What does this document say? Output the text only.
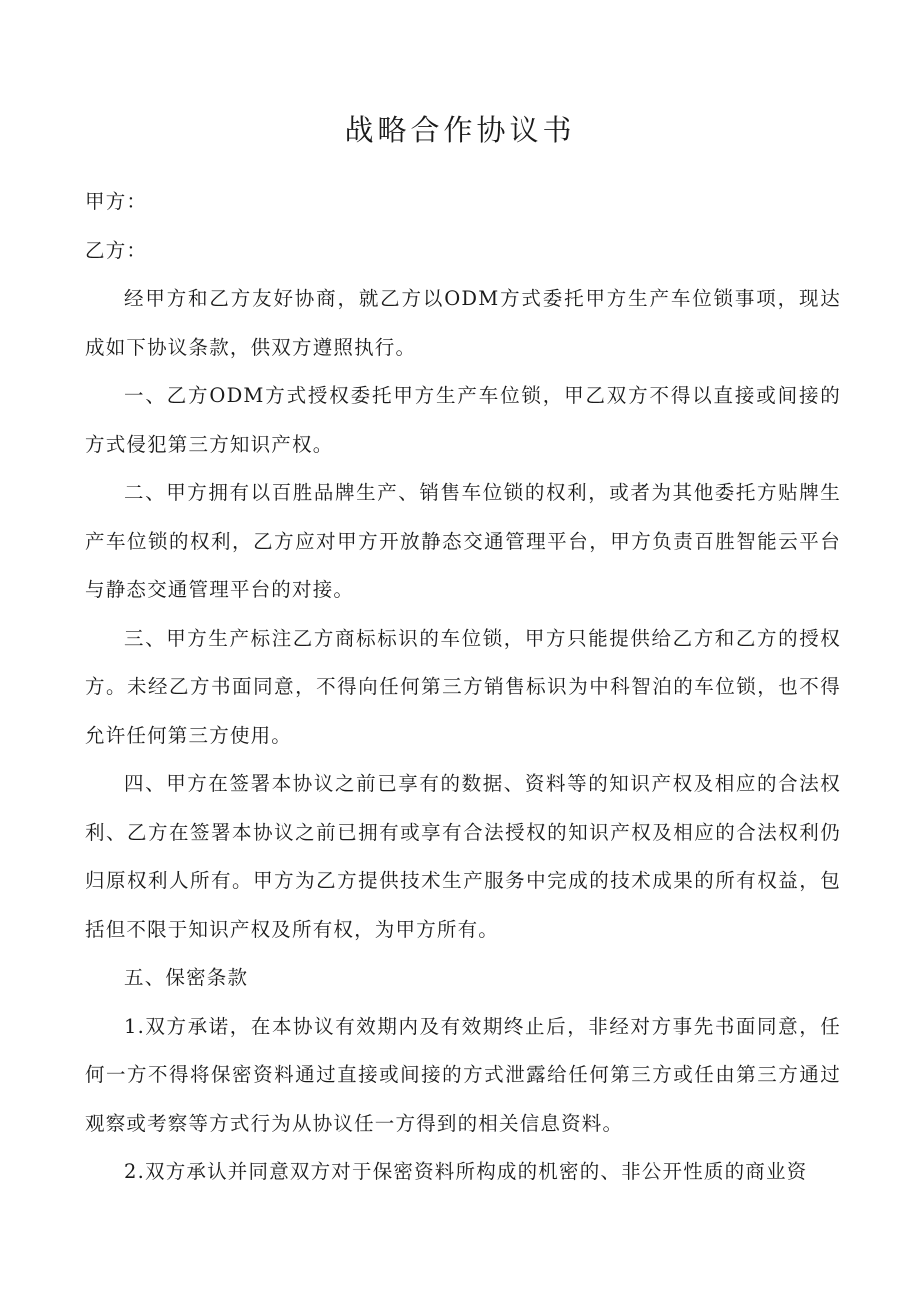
战略合作协议书

甲方：

乙方：

经甲方和乙方友好协商，就乙方以ODM方式委托甲方生产车位锁事项，现达成如下协议条款，供双方遵照执行。

一、乙方ODM方式授权委托甲方生产车位锁，甲乙双方不得以直接或间接的方式侵犯第三方知识产权。

二、甲方拥有以百胜品牌生产、销售车位锁的权利，或者为其他委托方贴牌生产车位锁的权利，乙方应对甲方开放静态交通管理平台，甲方负责百胜智能云平台与静态交通管理平台的对接。

三、甲方生产标注乙方商标标识的车位锁，甲方只能提供给乙方和乙方的授权方。未经乙方书面同意，不得向任何第三方销售标识为中科智泊的车位锁，也不得允许任何第三方使用。

四、甲方在签署本协议之前已享有的数据、资料等的知识产权及相应的合法权利、乙方在签署本协议之前已拥有或享有合法授权的知识产权及相应的合法权利仍归原权利人所有。甲方为乙方提供技术生产服务中完成的技术成果的所有权益，包括但不限于知识产权及所有权，为甲方所有。

五、保密条款

1.双方承诺，在本协议有效期内及有效期终止后，非经对方事先书面同意，任何一方不得将保密资料通过直接或间接的方式泄露给任何第三方或任由第三方通过观察或考察等方式行为从协议任一方得到的相关信息资料。

2.双方承认并同意双方对于保密资料所构成的机密的、非公开性质的商业资
